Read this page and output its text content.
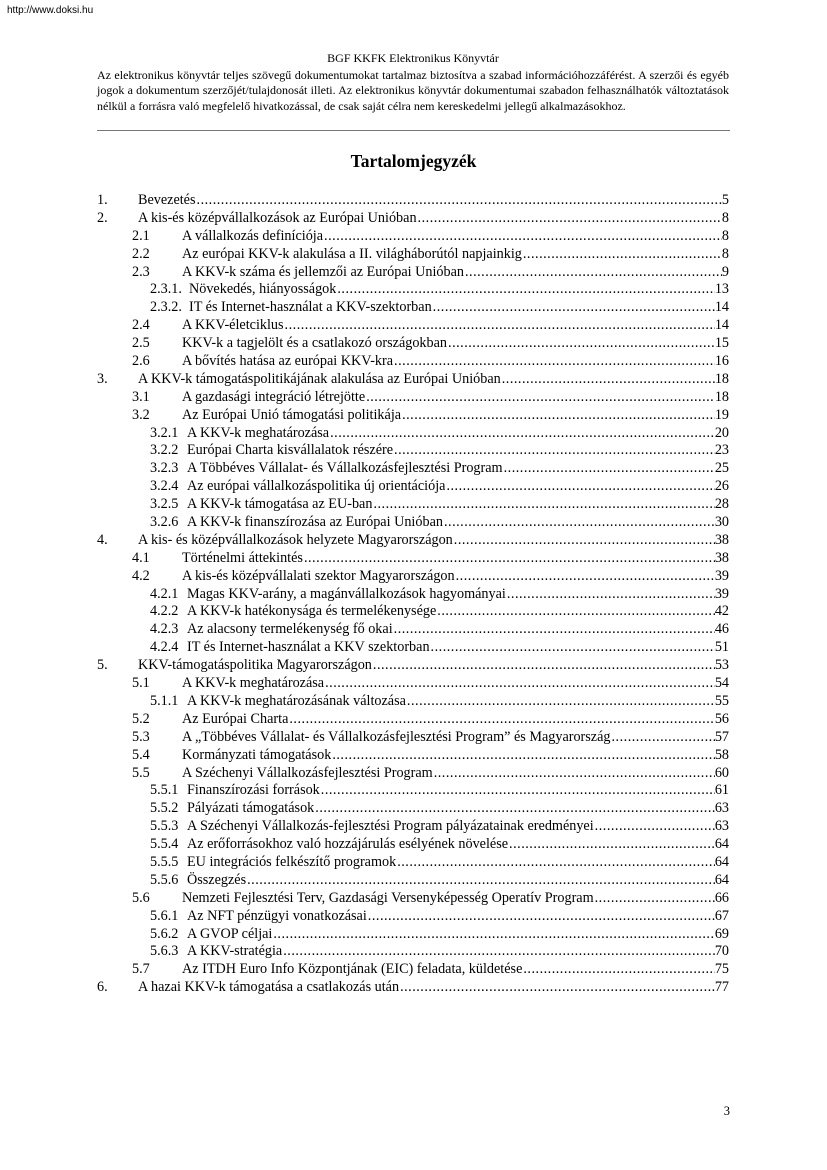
http://www.doksi.hu
BGF KKFK Elektronikus Könyvtár
Az elektronikus könyvtár teljes szövegű dokumentumokat tartalmaz biztosítva a szabad információhozzáférést. A szerzői és egyéb jogok a dokumentum szerzőjét/tulajdonosát illeti. Az elektronikus könyvtár dokumentumai szabadon felhasználhatók változtatások nélkül a forrásra való megfelelő hivatkozással, de csak saját célra nem kereskedelmi jellegű alkalmazásokhoz.
Tartalomjegyzék
1.	Bevezetés .....	5
2.	A kis-és középvállalkozások az Európai Unióban .....	8
2.1	A vállalkozás definíciója .....	8
2.2	Az európai KKV-k alakulása a II. világháborútól napjainkig .....	8
2.3	A KKV-k száma és jellemzői az Európai Unióban .....	9
2.3.1. Növekedés, hiányosságok .....	13
2.3.2. IT és Internet-használat a KKV-szektorban .....	14
2.4	A KKV-életciklus .....	14
2.5	KKV-k a tagjelölt és a csatlakozó országokban .....	15
2.6	A bővítés hatása az európai KKV-kra .....	16
3.	A KKV-k támogatáspolitikájának alakulása az Európai Unióban .....	18
3.1	A gazdasági integráció létrejötte .....	18
3.2	Az Európai Unió támogatási politikája .....	19
3.2.1 A KKV-k meghatározása .....	20
3.2.2 Európai Charta kisvállalatok részére .....	23
3.2.3 A Többéves Vállalat- és Vállalkozásfejlesztési Program .....	25
3.2.4 Az európai vállalkozáspolitika új orientációja .....	26
3.2.5 A KKV-k támogatása az EU-ban .....	28
3.2.6 A KKV-k finanszírozása az Európai Unióban .....	30
4.	A kis- és középvállalkozások helyzete Magyarországon .....	38
4.1	Történelmi áttekintés .....	38
4.2	A kis-és középvállalati szektor Magyarországon .....	39
4.2.1 Magas KKV-arány, a magánvállalkozások hagyományai .....	39
4.2.2 A KKV-k hatékonysága és termelékenysége .....	42
4.2.3 Az alacsony termelékenység fő okai .....	46
4.2.4 IT és Internet-használat a KKV szektorban .....	51
5.	KKV-támogatáspolitika Magyarországon .....	53
5.1	A KKV-k meghatározása .....	54
5.1.1 A KKV-k meghatározásának változása .....	55
5.2	Az Európai Charta .....	56
5.3	A „Többéves Vállalat- és Vállalkozásfejlesztési Program” és Magyarország .....	57
5.4	Kormányzati támogatások .....	58
5.5	A Széchenyi Vállalkozásfejlesztési Program .....	60
5.5.1 Finanszírozási források .....	61
5.5.2 Pályázati támogatások .....	63
5.5.3 A Széchenyi Vállalkozás-fejlesztési Program pályázatainak eredményei .....	63
5.5.4 Az erőforrásokhoz való hozzájárulás esélyének növelése .....	64
5.5.5 EU integrációs felkészítő programok .....	64
5.5.6 Összegzés .....	64
5.6	Nemzeti Fejlesztési Terv, Gazdasági Versenyképesség Operatív Program .....	66
5.6.1 Az NFT pénzügyi vonatkozásai .....	67
5.6.2 A GVOP céljai .....	69
5.6.3 A KKV-stratégia .....	70
5.7	Az ITDH Euro Info Központjának (EIC) feladata, küldetése .....	75
6.	A hazai KKV-k támogatása a csatlakozás után .....	77
3
